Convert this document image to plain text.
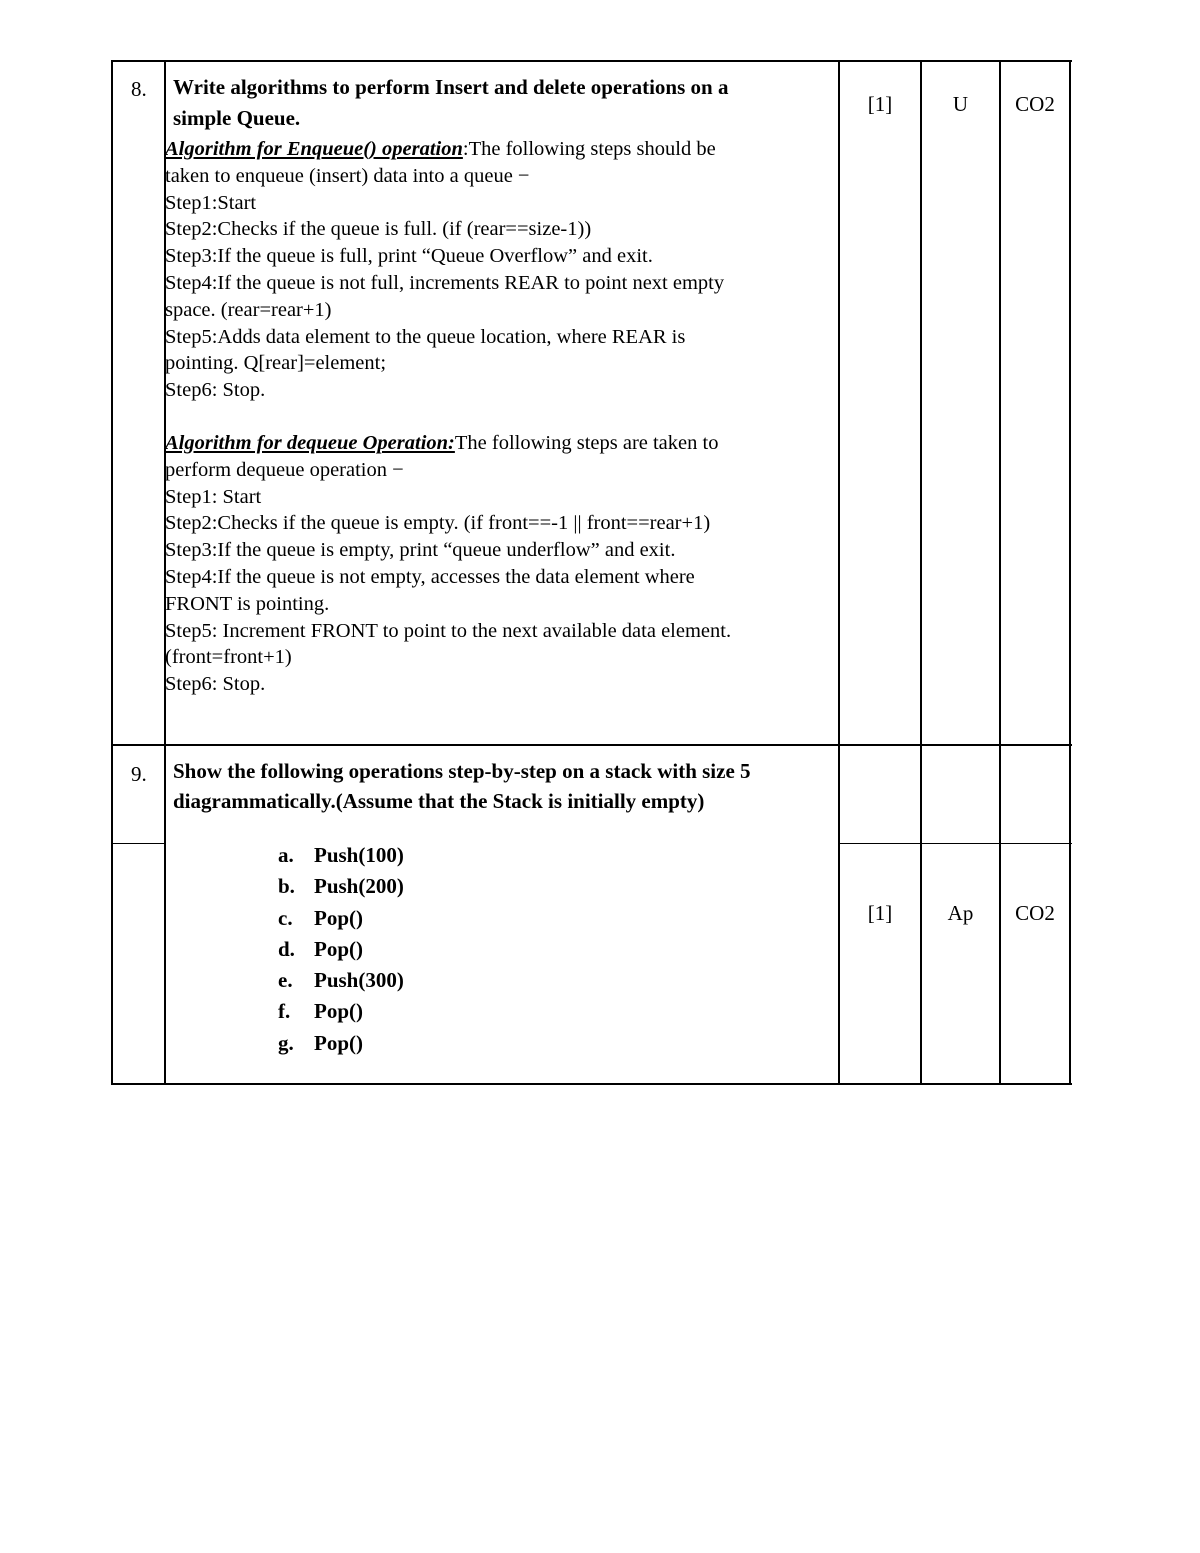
8. Write algorithms to perform Insert and delete operations on a
simple Queue.

Algorithm for Enqueue() operation:The following steps should be

taken to enqueue (insert) data into a queue −

Step1:Start

Step2:Checks if the queue is full. (if (rear==size-1))

Step3:If the queue is full, print “Queue Overflow” and exit.

Step4:If the queue is not full, increments REAR to point next empty

space. (rear=rear+1)

Step5:Adds data element to the queue location, where REAR is

pointing. Q[rear]=element;

Step6: Stop.

Algorithm for dequeue Operation:The following steps are taken to

perform dequeue operation −

Step1: Start

Step2:Checks if the queue is empty. (if front==-1 || front==rear+1)

Step3:If the queue is empty, print “queue underflow” and exit.

Step4:If the queue is not empty, accesses the data element where

FRONT is pointing.

Step5: Increment FRONT to point to the next available data element.

(front=front+1)

Step6: Stop.

[1]	U	CO2
9. Show the following operations step-by-step on a stack with size 5
diagrammatically.(Assume that the Stack is initially empty)
a. Push(100)
b. Push(200)
c.	Pop()
d. Pop()
e.	Push(300)
f.	Pop()
g. Pop()
[1]	Ap	CO2
